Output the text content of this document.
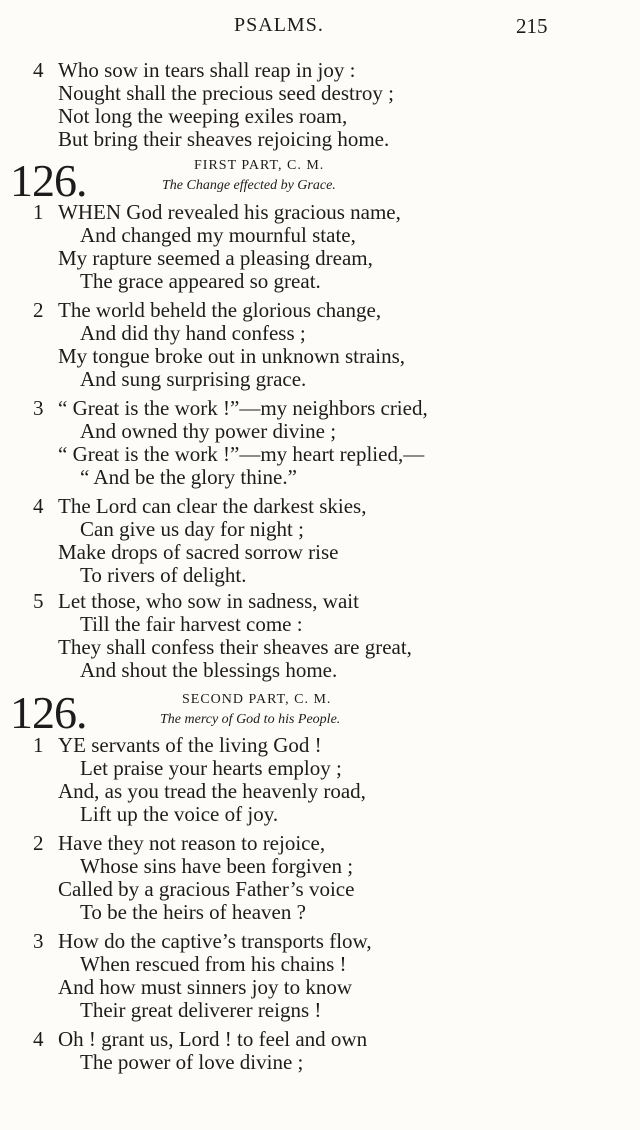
PSALMS.	215
4 Who sow in tears shall reap in joy :
Nought shall the precious seed destroy ;
Not long the weeping exiles roam,
But bring their sheaves rejoicing home.
126.	FIRST PART, C. M.
The Change effected by Grace.
1 WHEN God revealed his gracious name,
And changed my mournful state,
My rapture seemed a pleasing dream,
The grace appeared so great.
2 The world beheld the glorious change,
And did thy hand confess ;
My tongue broke out in unknown strains,
And sung surprising grace.
3 “ Great is the work !”—my neighbors cried,
And owned thy power divine ;
“ Great is the work !”—my heart replied,—
“ And be the glory thine.”
4 The Lord can clear the darkest skies,
Can give us day for night ;
Make drops of sacred sorrow rise
To rivers of delight.
5 Let those, who sow in sadness, wait
Till the fair harvest come :
They shall confess their sheaves are great,
And shout the blessings home.
126.	SECOND PART, C. M.
The mercy of God to his People.
1 YE servants of the living God !
Let praise your hearts employ ;
And, as you tread the heavenly road,
Lift up the voice of joy.
2 Have they not reason to rejoice,
Whose sins have been forgiven ;
Called by a gracious Father’s voice
To be the heirs of heaven ?
3 How do the captive’s transports flow,
When rescued from his chains !
And how must sinners joy to know
Their great deliverer reigns !
4 Oh ! grant us, Lord ! to feel and own
The power of love divine ;
